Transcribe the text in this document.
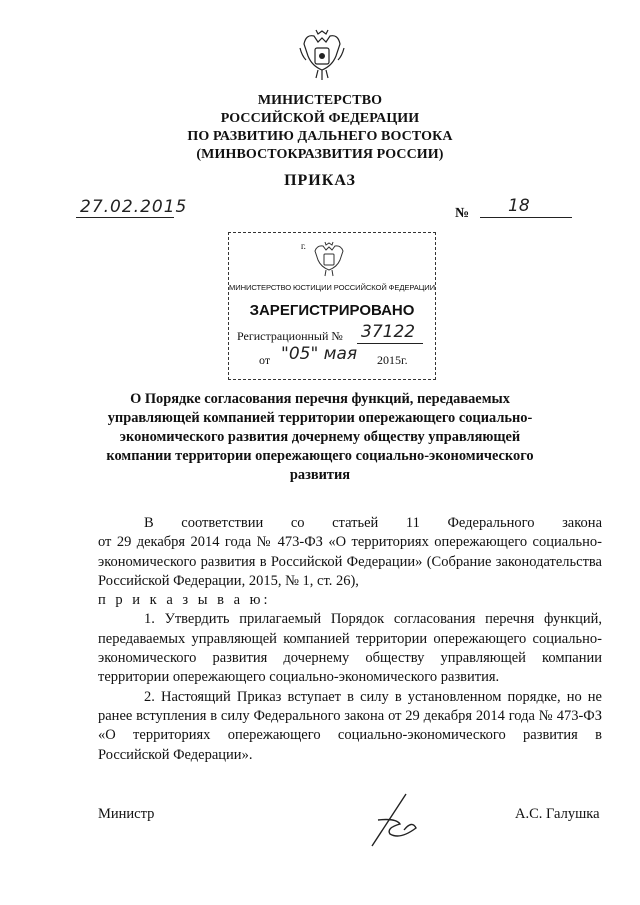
МИНИСТЕРСТВО
РОССИЙСКОЙ ФЕДЕРАЦИИ
ПО РАЗВИТИЮ ДАЛЬНЕГО ВОСТОКА
(МИНВОСТОКРАЗВИТИЯ РОССИИ)
ПРИКАЗ
27.02.2015	№ 18
г.
МИНИСТЕРСТВО ЮСТИЦИИ РОССИЙСКОЙ ФЕДЕРАЦИИ
ЗАРЕГИСТРИРОВАНО
Регистрационный № 37122
от "05" мая 2015г.
О Порядке согласования перечня функций, передаваемых управляющей компанией территории опережающего социально-экономического развития дочернему обществу управляющей компании территории опережающего социально-экономического развития

В соответствии со статьей 11 Федерального закона

от 29 декабря 2014 года № 473-ФЗ «О территориях опережающего социально-экономического развития в Российской Федерации» (Собрание законодательства Российской Федерации, 2015, № 1, ст. 26),

п р и к а з ы в а ю:

1. Утвердить прилагаемый Порядок согласования перечня функций, передаваемых управляющей компанией территории опережающего социально-экономического развития дочернему обществу управляющей компании территории опережающего социально-экономического развития.

2. Настоящий Приказ вступает в силу в установленном порядке, но не ранее вступления в силу Федерального закона от 29 декабря 2014 года № 473-ФЗ «О территориях опережающего социально-экономического развития в Российской Федерации».

Министр	А.С. Галушка
